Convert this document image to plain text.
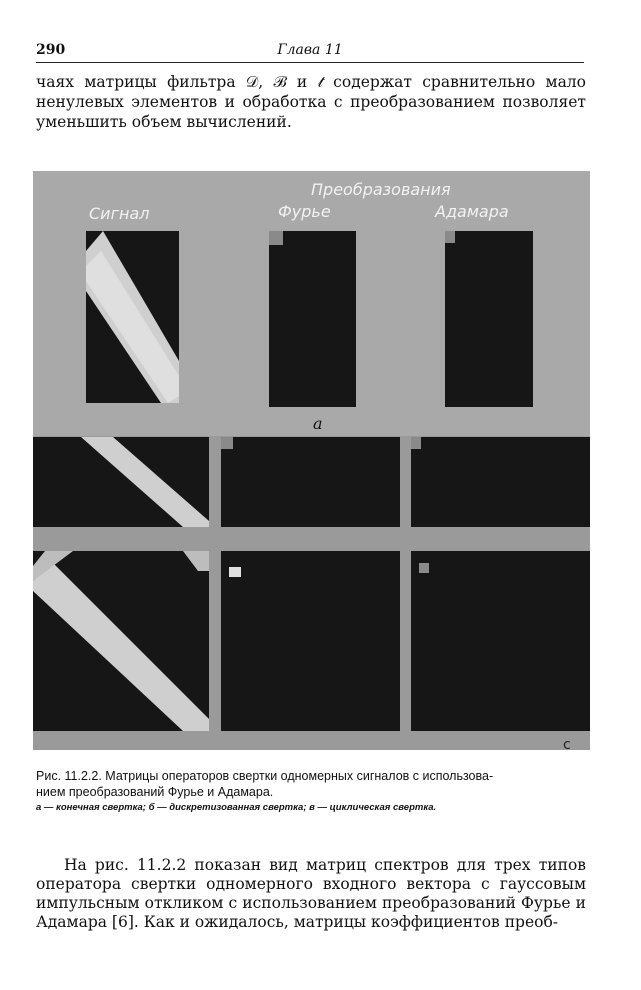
290	Глава 11

чаях матрицы фильтра 𝒟, ℬ и 𝓉 содержат сравнительно мало ненулевых элементов и обработка с преобразованием позволяет уменьшить объем вычислений.

Сигнал
Преобразования
Фурье	Адамара
а
c
Рис. 11.2.2. Матрицы операторов свертки одномерных сигналов с использова-
нием преобразований Фурье и Адамара.
а — конечная свертка; б — дискретизованная свертка; в — циклическая свертка.

На рис. 11.2.2 показан вид матриц спектров для трех типов оператора свертки одномерного входного вектора с гауссовым импульсным откликом с использованием преобразований Фурье и Адамара [6]. Как и ожидалось, матрицы коэффициентов преоб-
